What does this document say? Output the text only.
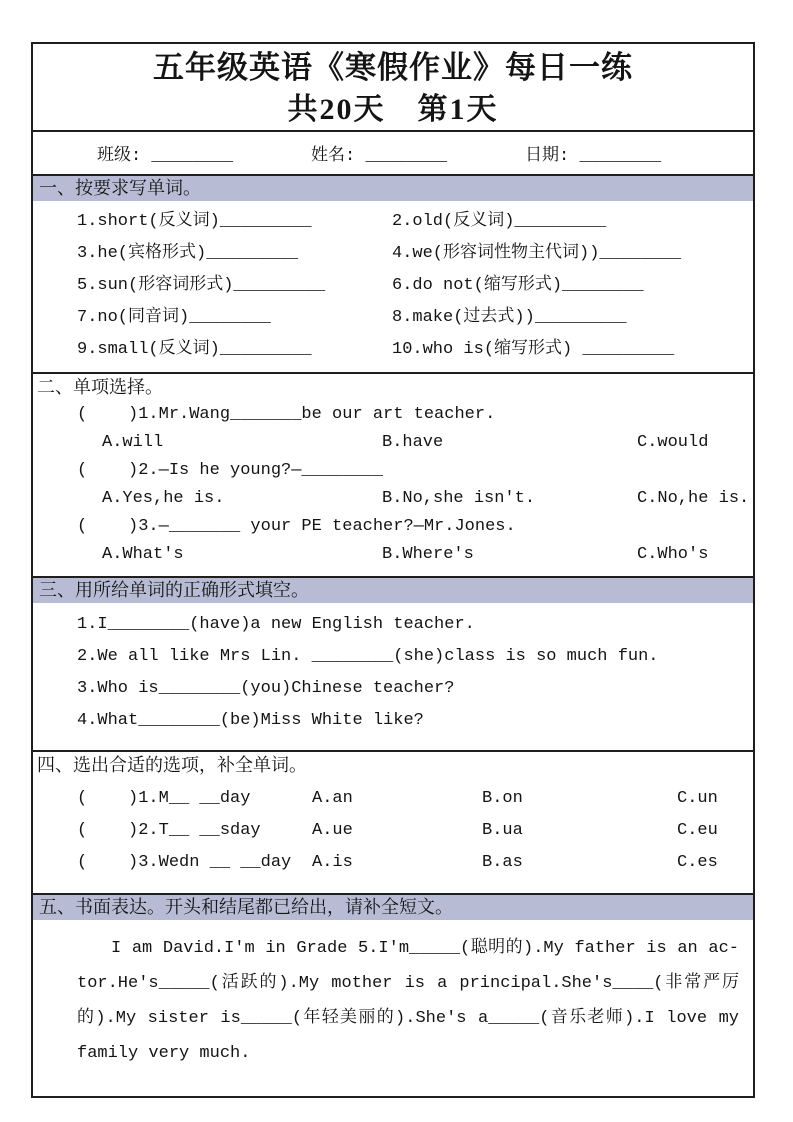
五年级英语《寒假作业》每日一练
共20天　第1天
班级: ________	姓名: ________	日期: ________
一、按要求写单词。
1.short(反义词)_________	2.old(反义词)_________
3.he(宾格形式)_________	4.we(形容词性物主代词))________
5.sun(形容词形式)_________	6.do not(缩写形式)________
7.no(同音词)________	8.make(过去式))_________
9.small(反义词)_________	10.who is(缩写形式) _________
二、单项选择。
(    )1.Mr.Wang_______be our art teacher.
A.will	B.have	C.would
(    )2.—Is he young?—________
A.Yes,he is.	B.No,she isn't.	C.No,he is.
(    )3.—_______ your PE teacher?—Mr.Jones.
A.What's	B.Where's	C.Who's
三、用所给单词的正确形式填空。
1.I________(have)a new English teacher.
2.We all like Mrs Lin. ________(she)class is so much fun.
3.Who is________(you)Chinese teacher?
4.What________(be)Miss White like?
四、选出合适的选项，补全单词。
(    )1.M__ __day	A.an	B.on	C.un
(    )2.T__ __sday	A.ue	B.ua	C.eu
(    )3.Wedn __ __day	A.is	B.as	C.es
五、书面表达。开头和结尾都已给出，请补全短文。

I am David.I'm in Grade 5.I'm_____(聪明的).My father is an ac-tor.He's_____(活跃的).My mother is a principal.She's____(非常严厉的).My sister is_____(年轻美丽的).She's a_____(音乐老师).I love my family very much.
